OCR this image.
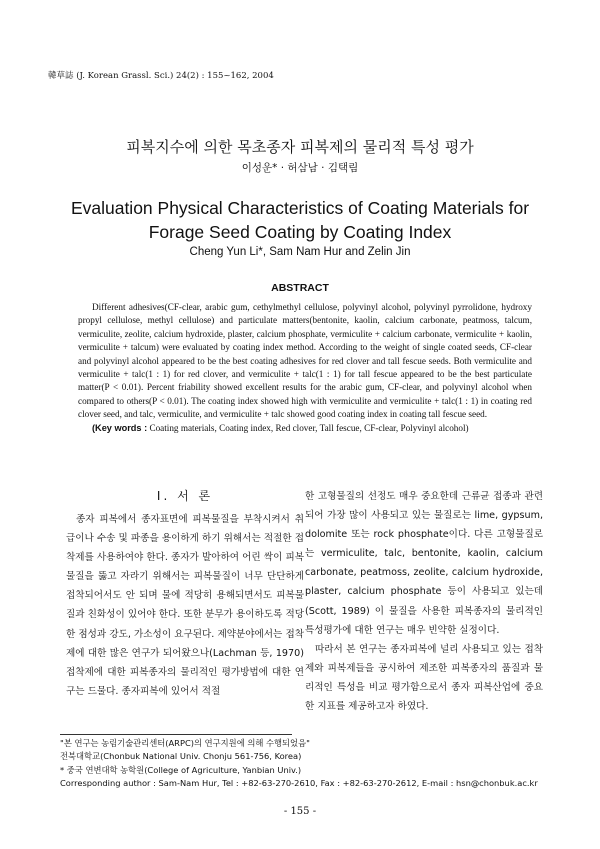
韓草誌 (J. Korean Grassl. Sci.) 24(2) : 155~162, 2004
피복지수에 의한 목초종자 피복제의 물리적 특성 평가
이성운* · 허삼남 · 김택림
Evaluation Physical Characteristics of Coating Materials for
Forage Seed Coating by Coating Index
Cheng Yun Li*, Sam Nam Hur and Zelin Jin
ABSTRACT

Different adhesives(CF-clear, arabic gum, cethylmethyl cellulose, polyvinyl alcohol, polyvinyl pyrrolidone, hydroxy propyl cellulose, methyl cellulose) and particulate matters(bentonite, kaolin, calcium carbonate, peatmoss, talcum, vermiculite, zeolite, calcium hydroxide, plaster, calcium phosphate, vermiculite + calcium carbonate, vermiculite + kaolin, vermiculite + talcum) were evaluated by coating index method. According to the weight of single coated seeds, CF-clear and polyvinyl alcohol appeared to be the best coating adhesives for red clover and tall fescue seeds. Both vermiculite and vermiculite + talc(1 : 1) for red clover, and vermiculite + talc(1 : 1) for tall fescue appeared to be the best particulate matter(P < 0.01). Percent friability showed excellent results for the arabic gum, CF-clear, and polyvinyl alcohol when compared to others(P < 0.01). The coating index showed high with vermiculite and vermiculite + talc(1 : 1) in coating red clover seed, and talc, vermiculite, and vermiculite + talc showed good coating index in coating tall fescue seed.

(Key words : Coating materials, Coating index, Red clover, Tall fescue, CF-clear, Polyvinyl alcohol)

I. 서 론

종자 피복에서 종자표면에 피복물질을 부착시켜서 취급이나 수송 및 파종을 용이하게 하기 위해서는 적절한 접착제를 사용하여야 한다. 종자가 발아하여 어린 싹이 피복물질을 뚫고 자라기 위해서는 피복물질이 너무 단단하게 접착되어서도 안 되며 물에 적당히 용해되면서도 피복물질과 친화성이 있어야 한다. 또한 분무가 용이하도록 적당한 점성과 강도, 가소성이 요구된다. 제약분야에서는 접착제에 대한 많은 연구가 되어왔으나(Lachman 등, 1970) 접착제에 대한 피복종자의 물리적인 평가방법에 대한 연구는 드물다. 종자피복에 있어서 적절

한 고형물질의 선정도 매우 중요한데 근류균 접종과 관련되어 가장 많이 사용되고 있는 물질로는 lime, gypsum, dolomite 또는 rock phosphate이다. 다른 고형물질로는 vermiculite, talc, bentonite, kaolin, calcium carbonate, peatmoss, zeolite, calcium hydroxide, plaster, calcium phosphate 등이 사용되고 있는데(Scott, 1989) 이 물질을 사용한 피복종자의 물리적인 특성평가에 대한 연구는 매우 빈약한 실정이다.

따라서 본 연구는 종자피복에 널리 사용되고 있는 접착제와 피복제들을 공시하여 제조한 피복종자의 품질과 물리적인 특성을 비교 평가함으로서 종자 피복산업에 중요한 지표를 제공하고자 하였다.

"본 연구는 농림기술관리센터(ARPC)의 연구지원에 의해 수행되었음"
전북대학교(Chonbuk National Univ. Chonju 561-756, Korea)
* 중국 연변대학 농학원(College of Agriculture, Yanbian Univ.)
Corresponding author : Sam-Nam Hur, Tel : +82-63-270-2610, Fax : +82-63-270-2612, E-mail : hsn@chonbuk.ac.kr
- 155 -
